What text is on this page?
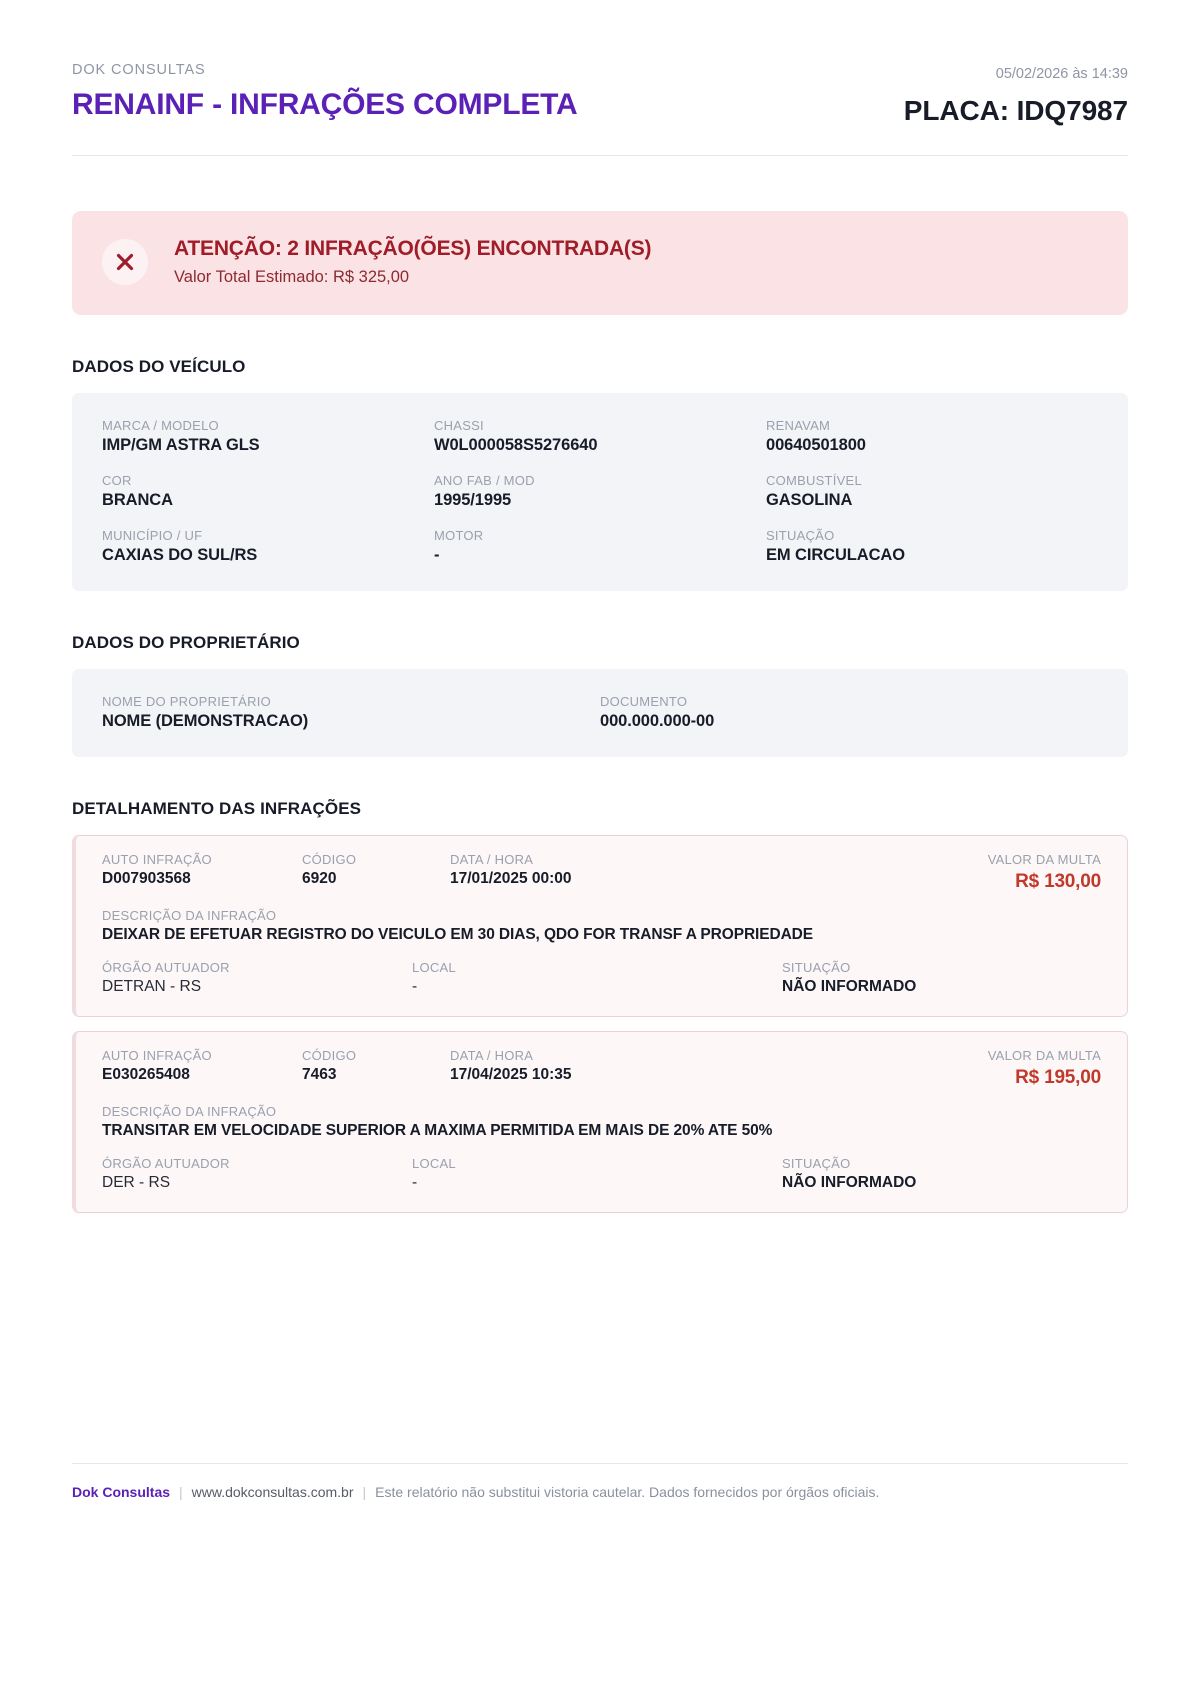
DOK CONSULTAS
RENAINF - INFRAÇÕES COMPLETA
05/02/2026 às 14:39
PLACA: IDQ7987
ATENÇÃO: 2 INFRAÇÃO(ÕES) ENCONTRADA(S)
Valor Total Estimado: R$ 325,00
DADOS DO VEÍCULO
MARCA / MODELO
IMP/GM ASTRA GLS
CHASSI
W0L000058S5276640
RENAVAM
00640501800
COR
BRANCA
ANO FAB / MOD
1995/1995
COMBUSTÍVEL
GASOLINA
MUNICÍPIO / UF
CAXIAS DO SUL/RS
MOTOR
-
SITUAÇÃO
EM CIRCULACAO
DADOS DO PROPRIETÁRIO
NOME DO PROPRIETÁRIO
NOME (DEMONSTRACAO)
DOCUMENTO
000.000.000-00
DETALHAMENTO DAS INFRAÇÕES
AUTO INFRAÇÃO
D007903568
CÓDIGO
6920
DATA / HORA
17/01/2025 00:00
VALOR DA MULTA
R$ 130,00
DESCRIÇÃO DA INFRAÇÃO
DEIXAR DE EFETUAR REGISTRO DO VEICULO EM 30 DIAS, QDO FOR TRANSF A PROPRIEDADE
ÓRGÃO AUTUADOR
DETRAN - RS
LOCAL
-
SITUAÇÃO
NÃO INFORMADO
AUTO INFRAÇÃO
E030265408
CÓDIGO
7463
DATA / HORA
17/04/2025 10:35
VALOR DA MULTA
R$ 195,00
DESCRIÇÃO DA INFRAÇÃO
TRANSITAR EM VELOCIDADE SUPERIOR A MAXIMA PERMITIDA EM MAIS DE 20% ATE 50%
ÓRGÃO AUTUADOR
DER - RS
LOCAL
-
SITUAÇÃO
NÃO INFORMADO
Dok Consultas | www.dokconsultas.com.br | Este relatório não substitui vistoria cautelar. Dados fornecidos por órgãos oficiais.
